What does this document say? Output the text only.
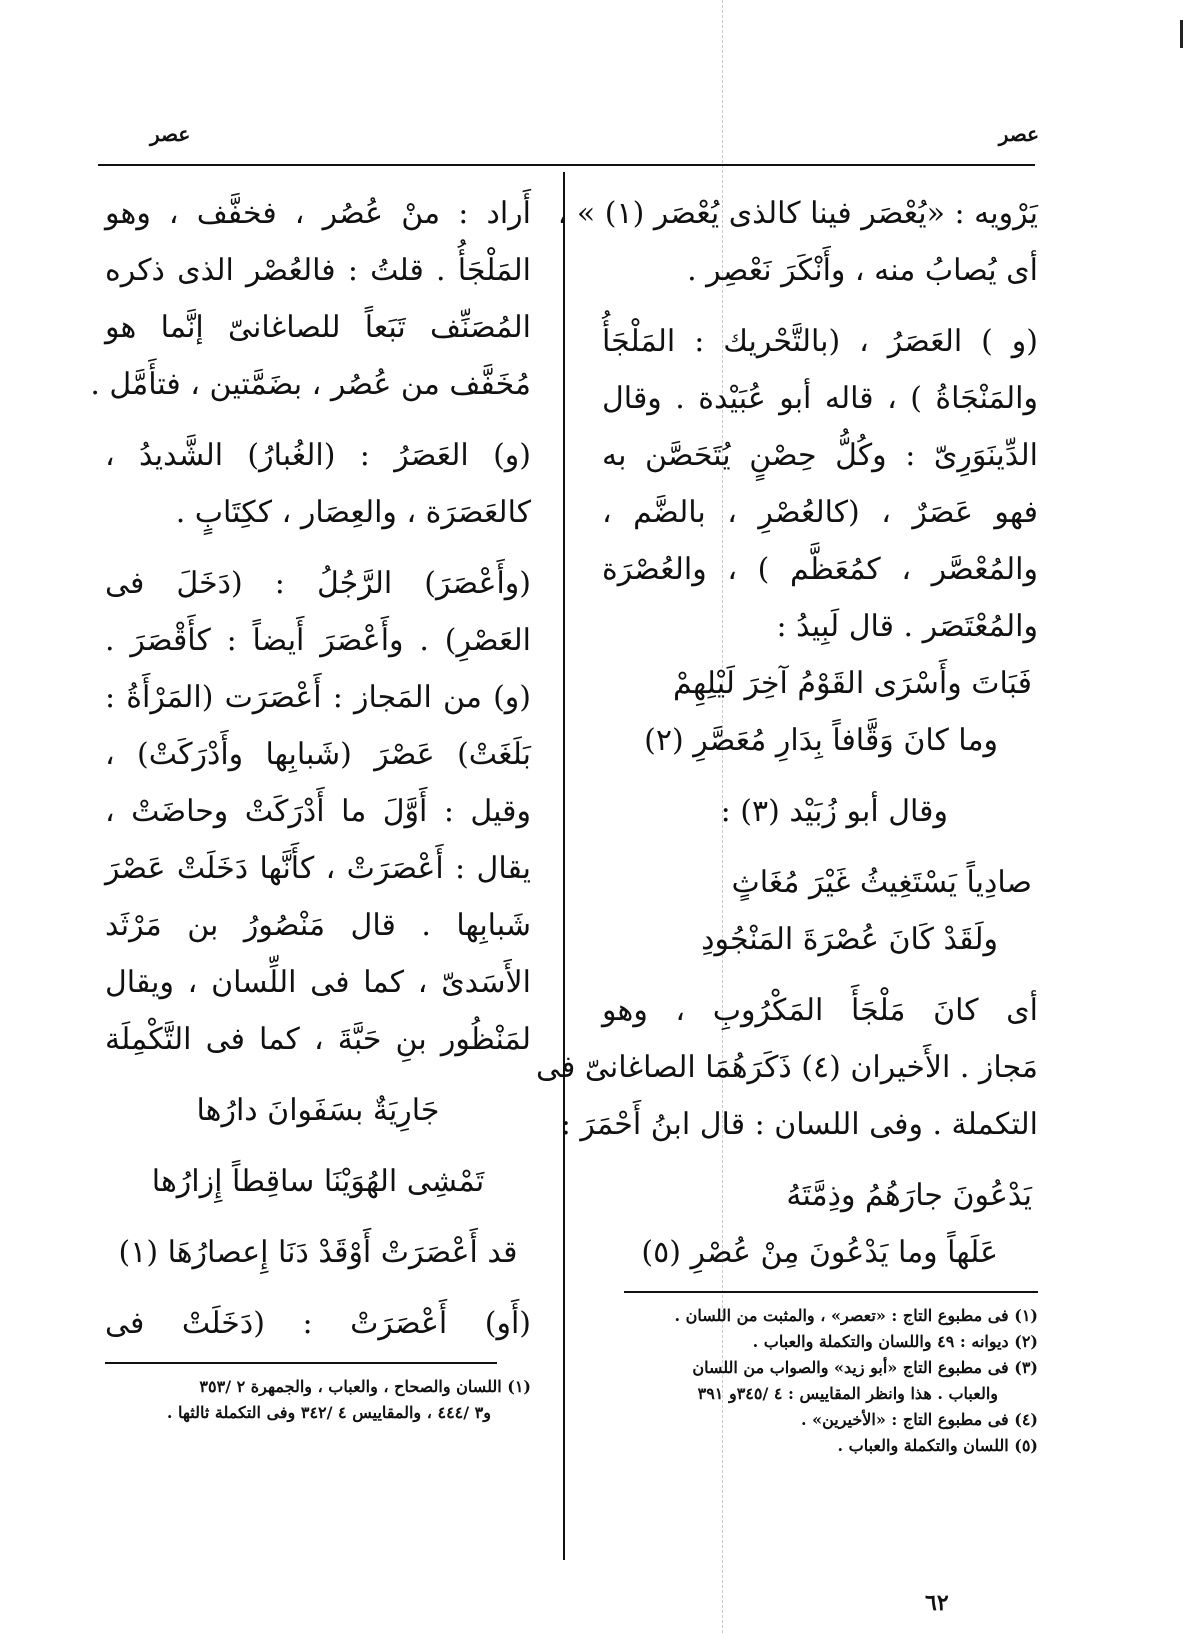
عصر
عصر
يَرْويه : «يُعْصَر فينا كالذى يُعْصَر (١) » ،
أى يُصابُ منه ، وأَنْكَرَ نَعْصِر .
(و ) العَصَرُ ، (بالتَّحْريك : المَلْجَأُ
والمَنْجَاةُ ) ، قاله أبو عُبَيْدة . وقال
الدِّينَوَرِىّ : وكُلُّ حِصْنٍ يُتَحَصَّن به
فهو عَصَرٌ ، (كالعُصْرِ ، بالضَّم ،
والمُعْصَّر ، كمُعَظَّم ) ، والعُصْرَة
والمُعْتَصَر . قال لَبِيدُ :
فَبَاتَ وأَسْرَى القَوْمُ آخِرَ لَيْلِهِمْ
وما كانَ وَقَّافاً بِدَارِ مُعَصَّرِ (٢)
وقال أبو زُبَيْد (٣) :
صادِياً يَسْتَغِيثُ غَيْرَ مُغَاثٍ
ولَقَدْ كَانَ عُصْرَةَ المَنْجُودِ
أى كانَ مَلْجَأَ المَكْرُوبِ ، وهو
مَجاز . الأَخيران (٤) ذَكَرَهُمَا الصاغانىّ فى
التكملة . وفى اللسان : قال ابنُ أَحْمَرَ :
يَدْعُونَ جارَهُمُ وذِمَّتَهُ
عَلَهاً وما يَدْعُونَ مِنْ عُصْرِ (٥)
(١) فى مطبوع التاج : «تعصر» ، والمثبت من اللسان .
(٢) ديوانه : ٤٩ واللسان والتكملة والعباب .
(٣) فى مطبوع التاج «أبو زيد» والصواب من اللسان
والعباب . هذا وانظر المقاييس : ٤ /٣٤٥و ٣٩١
(٤) فى مطبوع التاج : «الأخيرين» .
(٥) اللسان والتكملة والعباب .
أَراد : منْ عُصُر ، فخفَّف ، وهو
المَلْجَأُ . قلتُ : فالعُصْر الذى ذكره
المُصَنِّف تَبَعاً للصاغانىّ إنَّما هو
مُخَفَّف من عُصُر ، بضَمَّتين ، فتأَمَّل .
(و) العَصَرُ : (الغُبارُ) الشَّديدُ ،
كالعَصَرَة ، والعِصَار ، ككِتَابٍ .
(وأَعْصَرَ) الرَّجُلُ : (دَخَلَ فى
العَصْرِ) . وأَعْصَرَ أَيضاً : كأَقْصَرَ .
(و) من المَجاز : أَعْصَرَت (المَرْأَةُ :
بَلَغَتْ) عَصْرَ (شَبابِها وأَدْرَكَتْ) ،
وقيل : أَوَّلَ ما أَدْرَكَتْ وحاضَتْ ،
يقال : أَعْصَرَتْ ، كأَنَّها دَخَلَتْ عَصْرَ
شَبابِها . قال مَنْصُورُ بن مَرْثَد
الأَسَدىّ ، كما فى اللِّسان ، ويقال
لمَنْظُور بنِ حَبَّةَ ، كما فى التَّكْمِلَة
جَارِيَةٌ بسَفَوانَ دارُها
تَمْشِى الهُوَيْنَا ساقِطاً إِزارُها
قد أَعْصَرَتْ أَوْقَدْ دَنَا إِعصارُهَا (١)
(أَو) أَعْصَرَتْ : (دَخَلَتْ فى
(١) اللسان والصحاح ، والعباب ، والجمهرة ٢ /٣٥٣
و٣ /٤٤٤ ، والمقاييس ٤ /٣٤٢ وفى التكملة ثالثها .
٦٢
